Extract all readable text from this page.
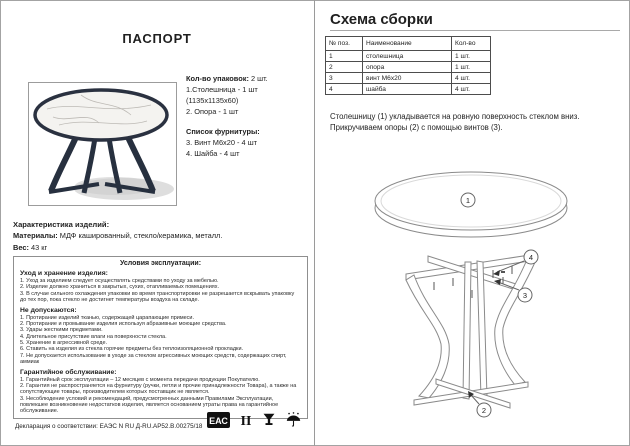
ПАСПОРТ
Кол-во упаковок: 2 шт.
1.Столешница - 1 шт
(1135х1135х60)
2. Опора - 1 шт
Список фурнитуры:
3. Винт М6х20 - 4 шт
4. Шайба - 4 шт
Характеристика изделий:
Материалы: МДФ кашированный, стекло/керамика, металл.
Вес: 43 кг
Условия эксплуатации:
Уход и хранение изделия:
1. Уход за изделием следует осуществлять средствами по уходу за мебелью.
2. Изделие должно храниться в закрытых, сухих, отапливаемых помещениях.
3. В случае сильного охлаждения упаковки во время транспортировки не разрешается вскрывать упаковку до тех пор, пока стекло не достигнет температуры воздуха на складе.
Не допускаются:
1. Протирание изделий тканью, содержащей царапающие примеси.
2. Протирание и промывание изделия используя абразивные моющие средства.
3. Удары жесткими предметами.
4. Длительное присутствие влаги на поверхности стекла.
5. Хранение в агрессивной среде.
6. Ставить на изделия из стекла горячие предметы без теплоизоляционной прокладки.
7. Не допускается использование в уходе за стеклом агрессивных моющих средств, содержащих спирт, аммиак
Гарантийное обслуживание:
1. Гарантийный срок эксплуатации – 12 месяцев с момента передачи продукции Покупателю.
2. Гарантия не распространяется на фурнитуру (ручки, петли и прочие принадлежности Товара), а также на сопутствующие товары, производителем которых поставщик не является.
3. Несоблюдение условий и рекомендаций, предусмотренных данными Правилами Эксплуатации, повлекшее возникновение недостатков изделия, является основанием утраты права на гарантийное обслуживание.
Декларация о соответствии: ЕАЭС N RU Д-RU.АР52.В.00275/18
ЕАС II
Схема сборки
№ поз.	Наименование	Кол-во
1	столешница	1 шт.
2	опора	1 шт.
3	винт М6х20	4 шт.
4	шайба	4 шт.
Столешницу (1) укладывается на ровную поверхность стеклом вниз.
Прикручиваем опоры (2) с помощью винтов (3).
1
4
3
2
